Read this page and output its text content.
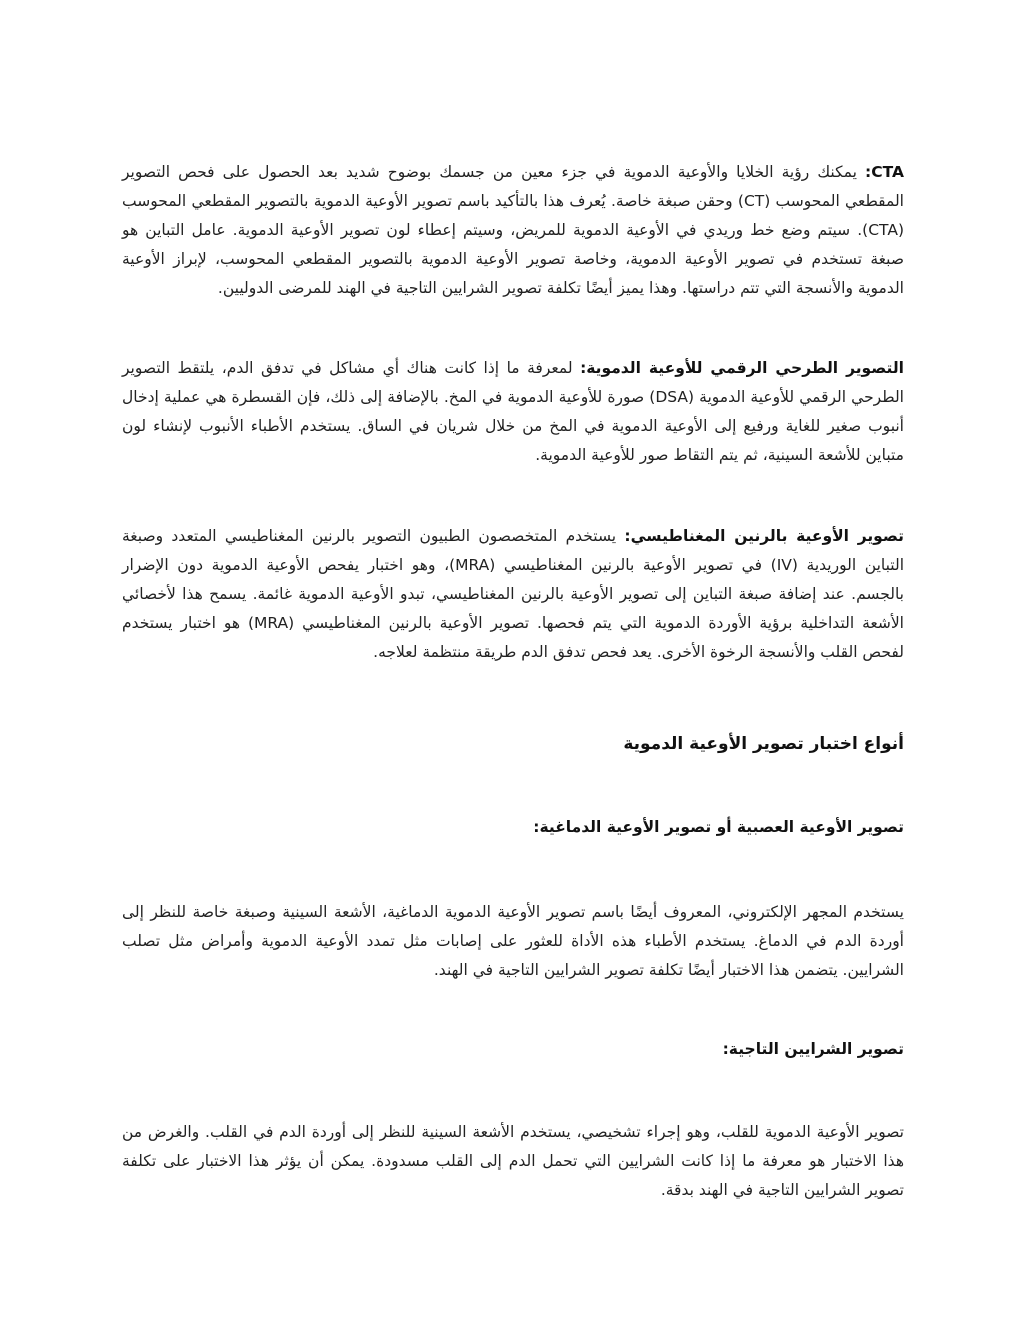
CTA: يمكنك رؤية الخلايا والأوعية الدموية في جزء معين من جسمك بوضوح شديد بعد الحصول على فحص التصوير المقطعي المحوسب (CT) وحقن صبغة خاصة. يُعرف هذا بالتأكيد باسم تصوير الأوعية الدموية بالتصوير المقطعي المحوسب (CTA). سيتم وضع خط وريدي في الأوعية الدموية للمريض، وسيتم إعطاء لون تصوير الأوعية الدموية. عامل التباين هو صبغة تستخدم في تصوير الأوعية الدموية، وخاصة تصوير الأوعية الدموية بالتصوير المقطعي المحوسب، لإبراز الأوعية الدموية والأنسجة التي تتم دراستها. وهذا يميز أيضًا تكلفة تصوير الشرايين التاجية في الهند للمرضى الدوليين.

التصوير الطرحي الرقمي للأوعية الدموية: لمعرفة ما إذا كانت هناك أي مشاكل في تدفق الدم، يلتقط التصوير الطرحي الرقمي للأوعية الدموية (DSA) صورة للأوعية الدموية في المخ. بالإضافة إلى ذلك، فإن القسطرة هي عملية إدخال أنبوب صغير للغاية ورفيع إلى الأوعية الدموية في المخ من خلال شريان في الساق. يستخدم الأطباء الأنبوب لإنشاء لون متباين للأشعة السينية، ثم يتم التقاط صور للأوعية الدموية.

تصوير الأوعية بالرنين المغناطيسي: يستخدم المتخصصون الطبيون التصوير بالرنين المغناطيسي المتعدد وصبغة التباين الوريدية (IV) في تصوير الأوعية بالرنين المغناطيسي (MRA)، وهو اختبار يفحص الأوعية الدموية دون الإضرار بالجسم. عند إضافة صبغة التباين إلى تصوير الأوعية بالرنين المغناطيسي، تبدو الأوعية الدموية غائمة. يسمح هذا لأخصائي الأشعة التداخلية برؤية الأوردة الدموية التي يتم فحصها. تصوير الأوعية بالرنين المغناطيسي (MRA) هو اختبار يستخدم لفحص القلب والأنسجة الرخوة الأخرى. يعد فحص تدفق الدم طريقة منتظمة لعلاجه.

أنواع اختبار تصوير الأوعية الدموية
تصوير الأوعية العصبية أو تصوير الأوعية الدماغية:

يستخدم المجهر الإلكتروني، المعروف أيضًا باسم تصوير الأوعية الدموية الدماغية، الأشعة السينية وصبغة خاصة للنظر إلى أوردة الدم في الدماغ. يستخدم الأطباء هذه الأداة للعثور على إصابات مثل تمدد الأوعية الدموية وأمراض مثل تصلب الشرايين. يتضمن هذا الاختبار أيضًا تكلفة تصوير الشرايين التاجية في الهند.

تصوير الشرايين التاجية:

تصوير الأوعية الدموية للقلب، وهو إجراء تشخيصي، يستخدم الأشعة السينية للنظر إلى أوردة الدم في القلب. والغرض من هذا الاختبار هو معرفة ما إذا كانت الشرايين التي تحمل الدم إلى القلب مسدودة. يمكن أن يؤثر هذا الاختبار على تكلفة تصوير الشرايين التاجية في الهند بدقة.
